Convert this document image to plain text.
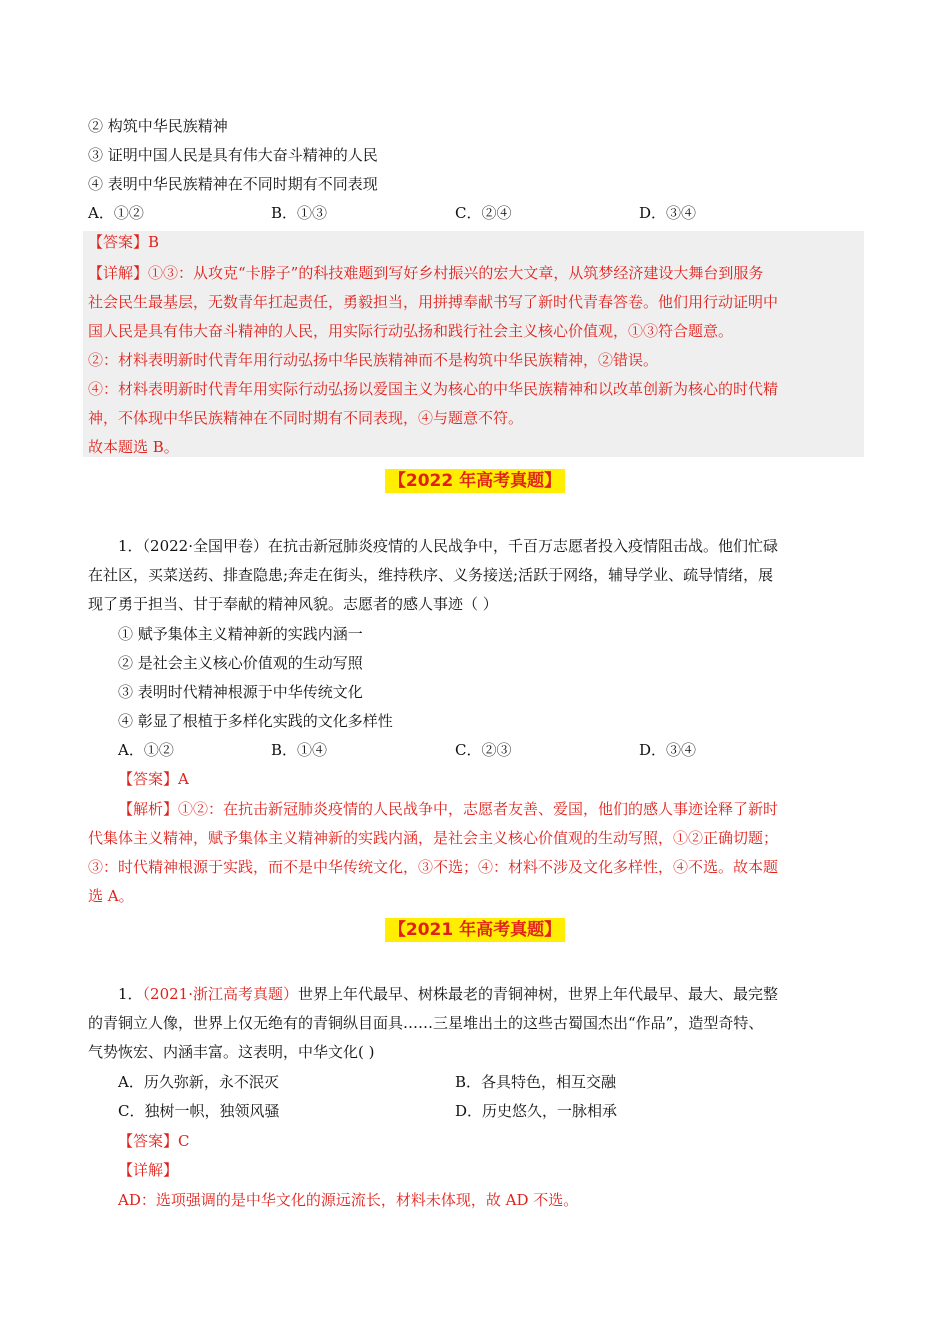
② 构筑中华民族精神
③ 证明中国人民是具有伟大奋斗精神的人民
④ 表明中华民族精神在不同时期有不同表现
A．①②	B．①③	C．②④	D．③④
【答案】B
【详解】①③：从攻克“卡脖子”的科技难题到写好乡村振兴的宏大文章，从筑梦经济建设大舞台到服务
社会民生最基层，无数青年扛起责任，勇毅担当，用拼搏奉献书写了新时代青春答卷。他们用行动证明中
国人民是具有伟大奋斗精神的人民，用实际行动弘扬和践行社会主义核心价值观，①③符合题意。
②：材料表明新时代青年用行动弘扬中华民族精神而不是构筑中华民族精神，②错误。
④：材料表明新时代青年用实际行动弘扬以爱国主义为核心的中华民族精神和以改革创新为核心的时代精
神，不体现中华民族精神在不同时期有不同表现，④与题意不符。
故本题选 B。
【2022 年高考真题】
1．（2022·全国甲卷）在抗击新冠肺炎疫情的人民战争中，千百万志愿者投入疫情阻击战。他们忙碌
在社区，买菜送药、排查隐患;奔走在街头，维持秩序、义务接送;活跃于网络，辅导学业、疏导情绪，展
现了勇于担当、甘于奉献的精神风貌。志愿者的感人事迹（ ）
① 赋予集体主义精神新的实践内涵一
② 是社会主义核心价值观的生动写照
③ 表明时代精神根源于中华传统文化
④ 彰显了根植于多样化实践的文化多样性
A．①②	B．①④	C．②③	D．③④
【答案】A
【解析】①②：在抗击新冠肺炎疫情的人民战争中，志愿者友善、爱国，他们的感人事迹诠释了新时
代集体主义精神，赋予集体主义精神新的实践内涵，是社会主义核心价值观的生动写照，①②正确切题；
③：时代精神根源于实践，而不是中华传统文化，③不选；④：材料不涉及文化多样性，④不选。故本题
选 A。
【2021 年高考真题】
1．（2021·浙江高考真题）世界上年代最早、树株最老的青铜神树，世界上年代最早、最大、最完整
的青铜立人像，世界上仅无绝有的青铜纵目面具……三星堆出土的这些古蜀国杰出“作品”，造型奇特、
气势恢宏、内涵丰富。这表明，中华文化( )
A．历久弥新，永不泯灭	B．各具特色，相互交融
C．独树一帜，独领风骚	D．历史悠久，一脉相承
【答案】C
【详解】
AD：选项强调的是中华文化的源远流长，材料未体现，故 AD 不选。
